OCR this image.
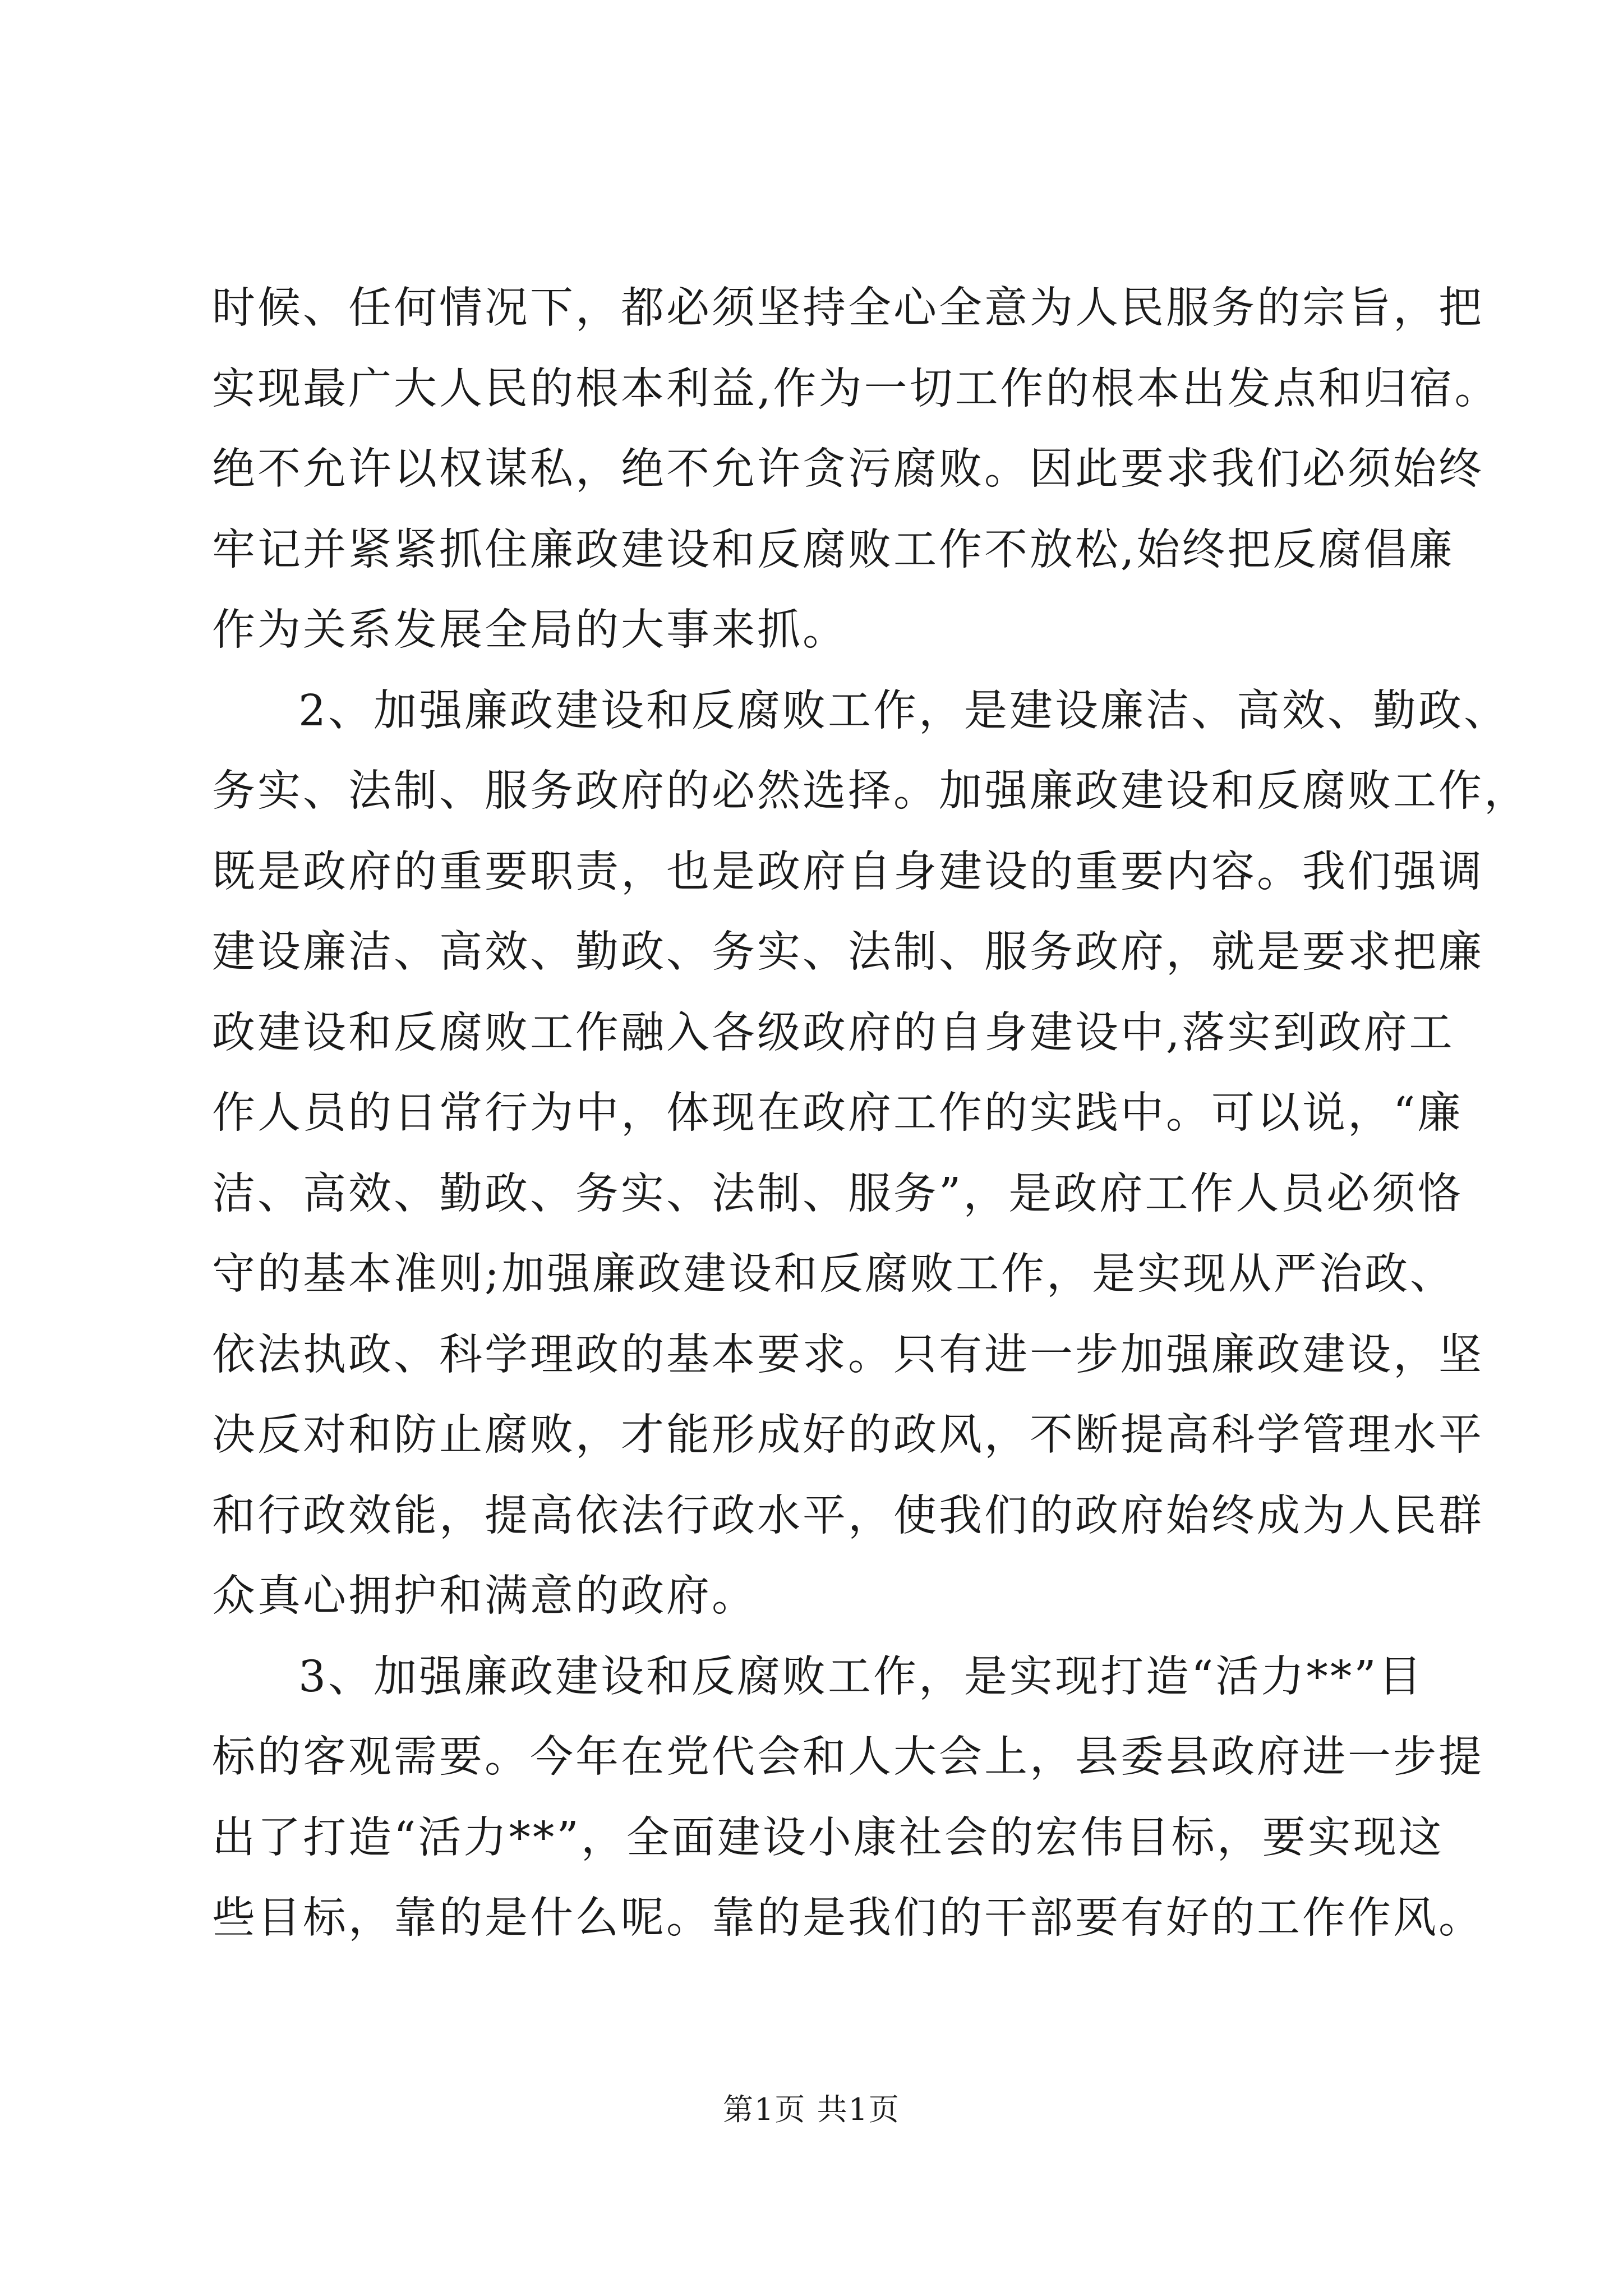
时候、任何情况下，都必须坚持全心全意为人民服务的宗旨，把
实现最广大人民的根本利益,作为一切工作的根本出发点和归宿。
绝不允许以权谋私，绝不允许贪污腐败。因此要求我们必须始终
牢记并紧紧抓住廉政建设和反腐败工作不放松,始终把反腐倡廉
作为关系发展全局的大事来抓。
2、加强廉政建设和反腐败工作，是建设廉洁、高效、勤政、
务实、法制、服务政府的必然选择。加强廉政建设和反腐败工作，
既是政府的重要职责，也是政府自身建设的重要内容。我们强调
建设廉洁、高效、勤政、务实、法制、服务政府，就是要求把廉
政建设和反腐败工作融入各级政府的自身建设中,落实到政府工
作人员的日常行为中，体现在政府工作的实践中。可以说，“廉
洁、高效、勤政、务实、法制、服务”，是政府工作人员必须恪
守的基本准则;加强廉政建设和反腐败工作，是实现从严治政、
依法执政、科学理政的基本要求。只有进一步加强廉政建设，坚
决反对和防止腐败，才能形成好的政风，不断提高科学管理水平
和行政效能，提高依法行政水平，使我们的政府始终成为人民群
众真心拥护和满意的政府。
3、加强廉政建设和反腐败工作，是实现打造“活力**”目
标的客观需要。今年在党代会和人大会上，县委县政府进一步提
出了打造“活力**”，全面建设小康社会的宏伟目标，要实现这
些目标，靠的是什么呢。靠的是我们的干部要有好的工作作风。
第1页 共1页
